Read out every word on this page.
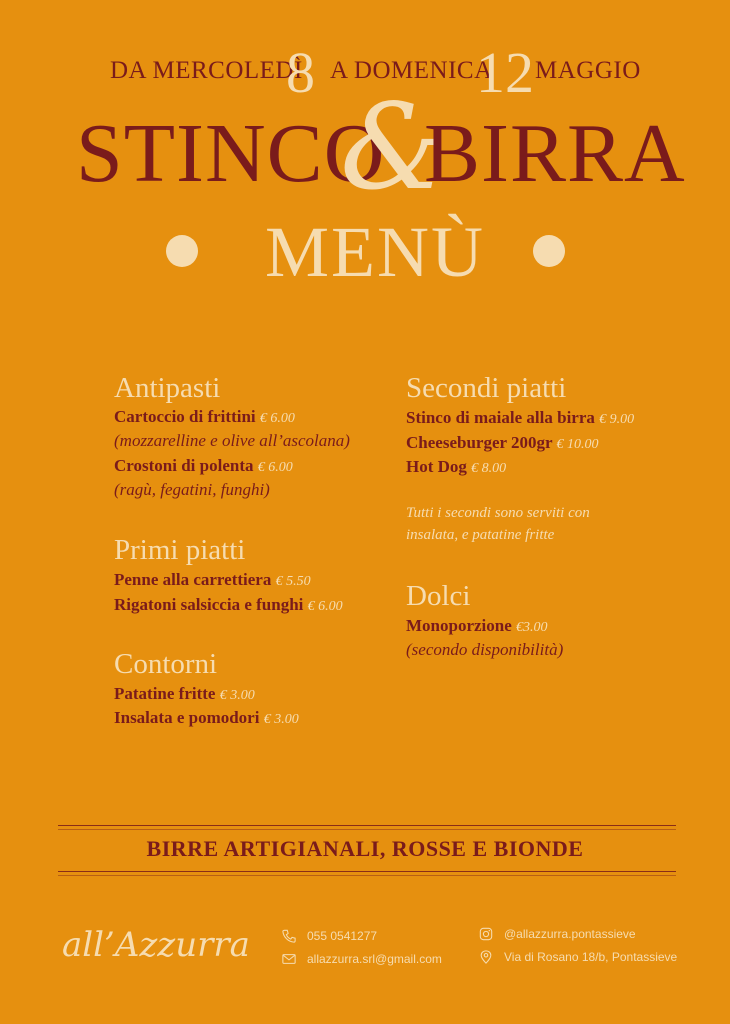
DA MERCOLEDÌ
8 A DOMENICA
12 MAGGIO
STINCO
&
BIRRA
MENÙ
Antipasti
Cartoccio di frittini € 6.00
(mozzarelline e olive all’ascolana)
Crostoni di polenta € 6.00
(ragù, fegatini, funghi)
Primi piatti
Penne alla carrettiera € 5.50
Rigatoni salsiccia e funghi € 6.00
Contorni
Patatine fritte € 3.00
Insalata e pomodori € 3.00
Secondi piatti
Stinco di maiale alla birra € 9.00
Cheeseburger 200gr € 10.00
Hot Dog € 8.00
Tutti i secondi sono serviti con
insalata, e patatine fritte
Dolci
Monoporzione €3.00
(secondo disponibilità)
BIRRE ARTIGIANALI, ROSSE E BIONDE
all’Azzurra	055 0541277
allazzurra.srl@gmail.com
@allazzurra.pontassieve
Via di Rosano 18/b, Pontassieve
